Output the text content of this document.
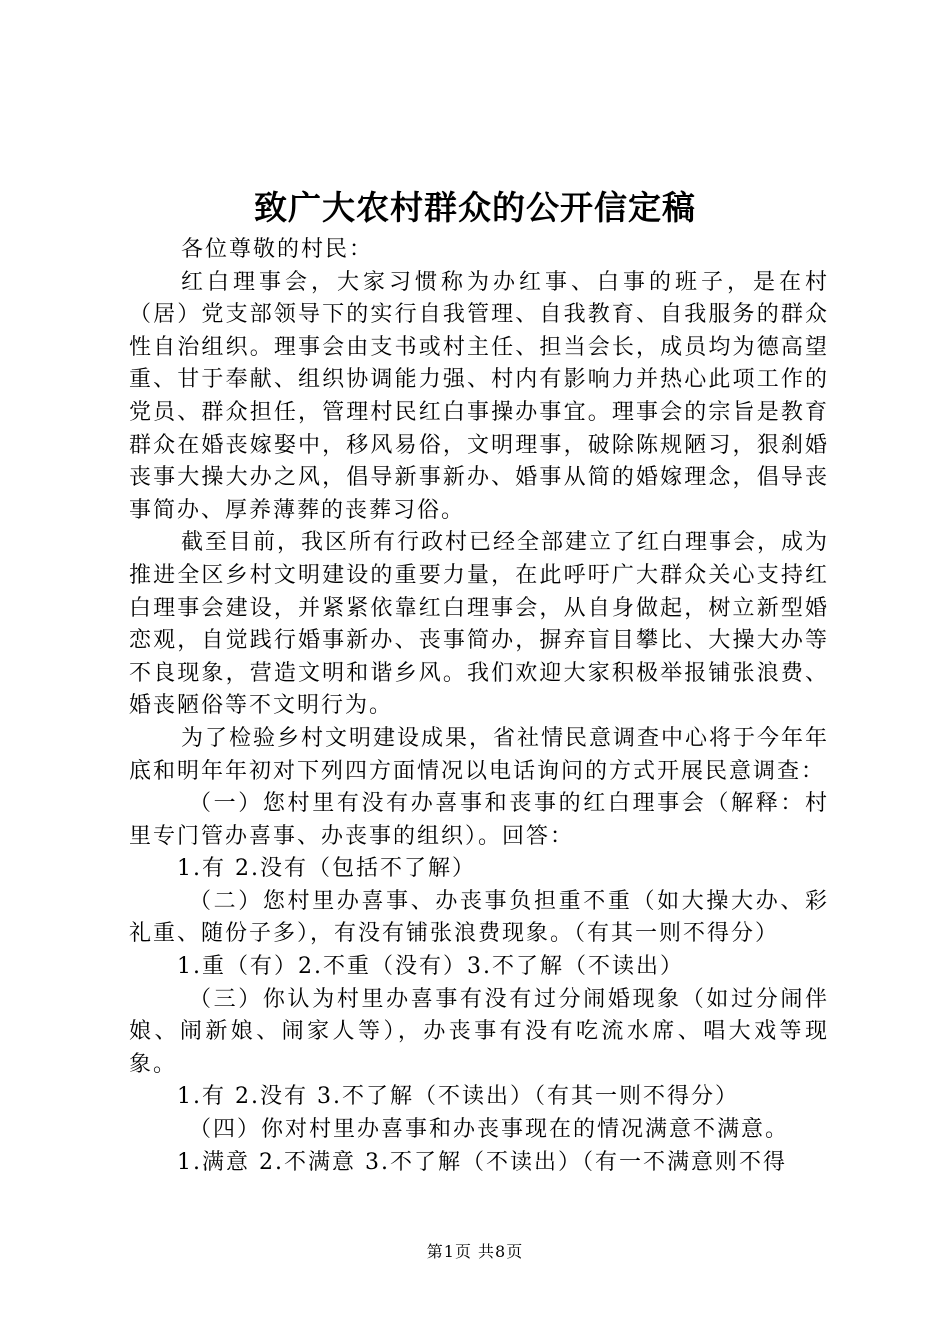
致广大农村群众的公开信定稿

各位尊敬的村民：

红白理事会，大家习惯称为办红事、白事的班子，是在村（居）党支部领导下的实行自我管理、自我教育、自我服务的群众性自治组织。理事会由支书或村主任、担当会长，成员均为德高望重、甘于奉献、组织协调能力强、村内有影响力并热心此项工作的党员、群众担任，管理村民红白事操办事宜。理事会的宗旨是教育群众在婚丧嫁娶中，移风易俗，文明理事，破除陈规陋习，狠刹婚丧事大操大办之风，倡导新事新办、婚事从简的婚嫁理念，倡导丧事简办、厚养薄葬的丧葬习俗。

截至目前，我区所有行政村已经全部建立了红白理事会，成为推进全区乡村文明建设的重要力量，在此呼吁广大群众关心支持红白理事会建设，并紧紧依靠红白理事会，从自身做起，树立新型婚恋观，自觉践行婚事新办、丧事简办，摒弃盲目攀比、大操大办等不良现象，营造文明和谐乡风。我们欢迎大家积极举报铺张浪费、婚丧陋俗等不文明行为。

为了检验乡村文明建设成果，省社情民意调查中心将于今年年底和明年年初对下列四方面情况以电话询问的方式开展民意调查：

（一）您村里有没有办喜事和丧事的红白理事会（解释：村里专门管办喜事、办丧事的组织）。回答：

1.有 2.没有（包括不了解）

（二）您村里办喜事、办丧事负担重不重（如大操大办、彩礼重、随份子多），有没有铺张浪费现象。（有其一则不得分）

1.重（有）2.不重（没有）3.不了解（不读出）

（三）你认为村里办喜事有没有过分闹婚现象（如过分闹伴娘、闹新娘、闹家人等），办丧事有没有吃流水席、唱大戏等现象。

1.有 2.没有 3.不了解（不读出）（有其一则不得分）

（四）你对村里办喜事和办丧事现在的情况满意不满意。

1.满意 2.不满意 3.不了解（不读出）（有一不满意则不得

第1页 共8页
